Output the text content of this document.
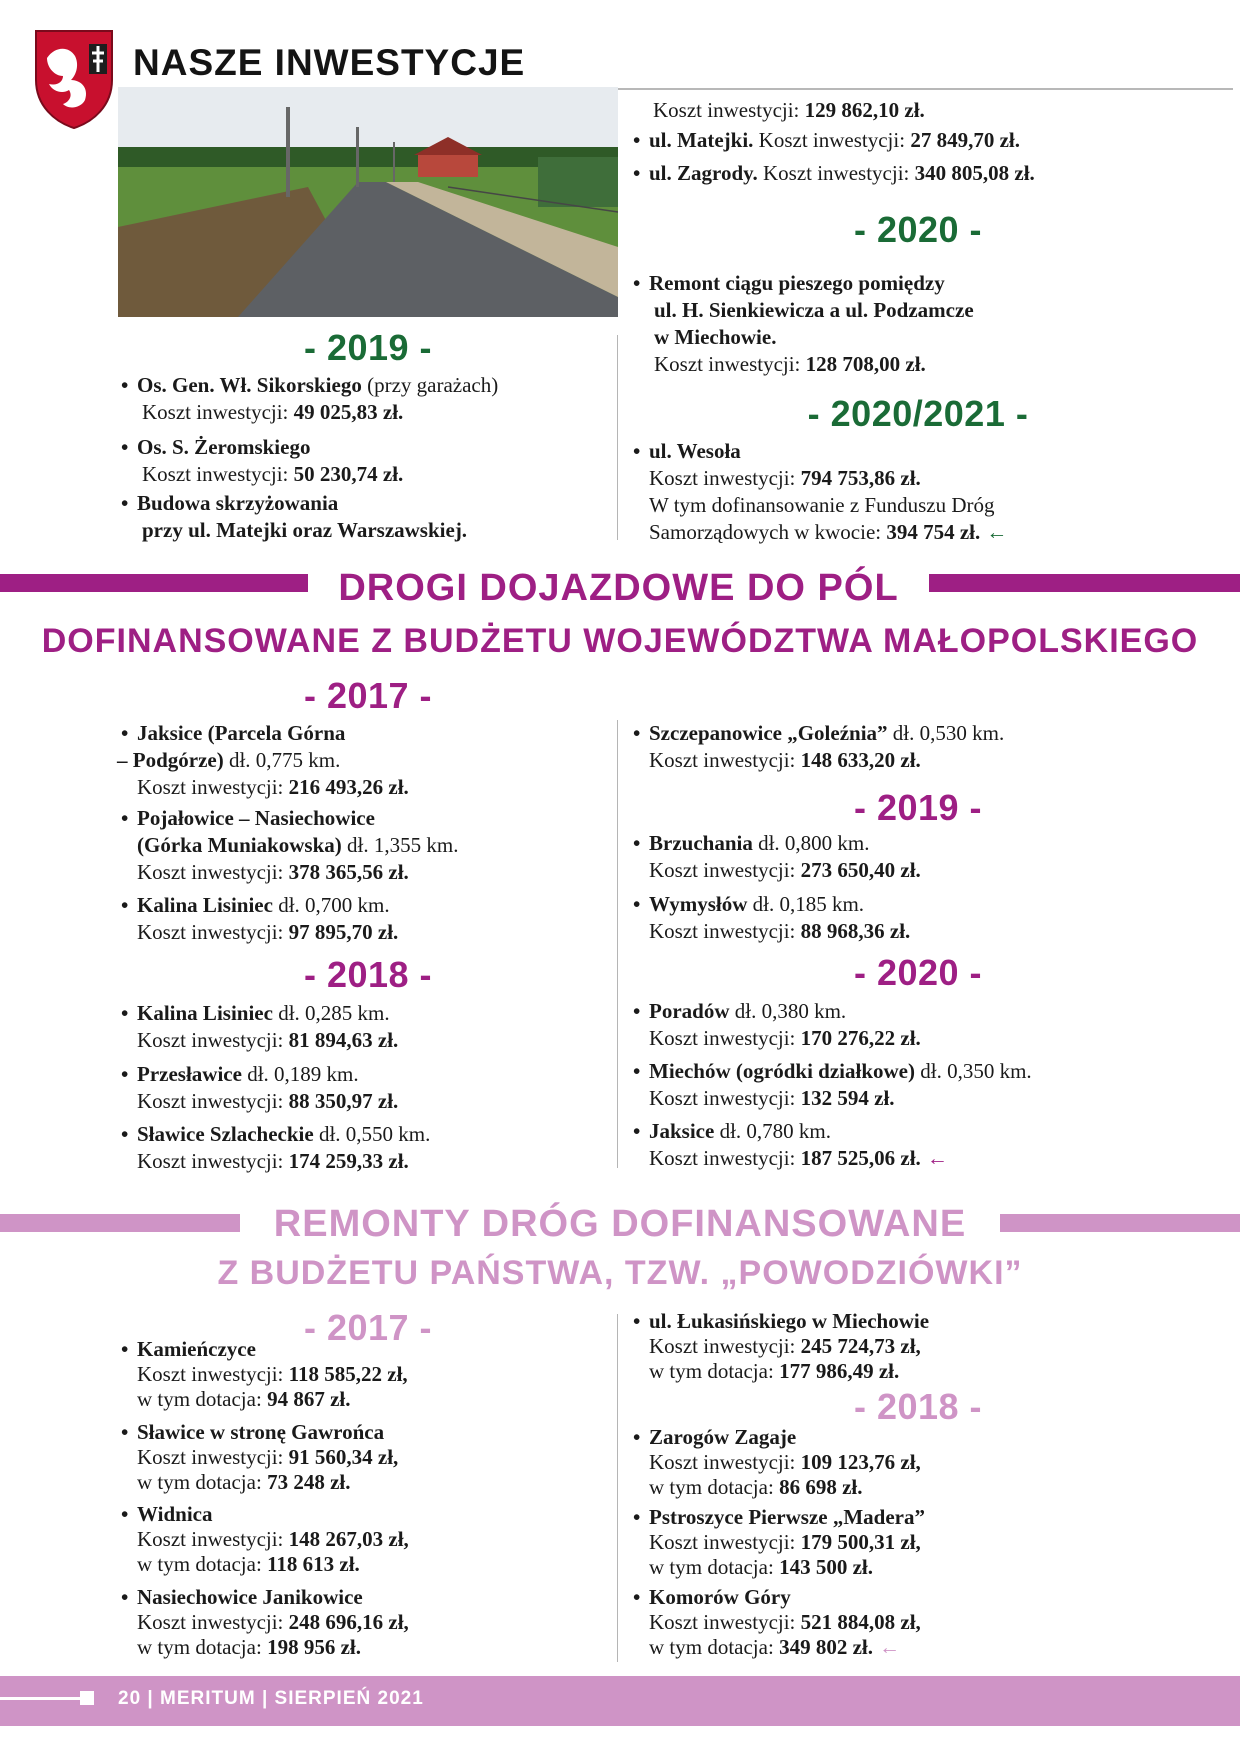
NASZE INWESTYCJE
Koszt inwestycji: 129 862,10 zł.
• ul. Matejki. Koszt inwestycji: 27 849,70 zł.
• ul. Zagrody. Koszt inwestycji: 340 805,08 zł.
- 2020 -
• Remont ciągu pieszego pomiędzy
ul. H. Sienkiewicza a ul. Podzamcze
w Miechowie.
Koszt inwestycji: 128 708,00 zł.
- 2020/2021 -
• ul. Wesoła
Koszt inwestycji: 794 753,86 zł.
W tym dofinansowanie z Funduszu Dróg
Samorządowych w kwocie: 394 754 zł. ←
- 2019 -
• Os. Gen. Wł. Sikorskiego (przy garażach)
Koszt inwestycji: 49 025,83 zł.
• Os. S. Żeromskiego
Koszt inwestycji: 50 230,74 zł.
• Budowa skrzyżowania
przy ul. Matejki oraz Warszawskiej.
DROGI DOJAZDOWE DO PÓL
DOFINANSOWANE Z BUDŻETU WOJEWÓDZTWA MAŁOPOLSKIEGO
- 2017 -
• Jaksice (Parcela Górna
– Podgórze) dł. 0,775 km.
Koszt inwestycji: 216 493,26 zł.
• Pojałowice – Nasiechowice
(Górka Muniakowska) dł. 1,355 km.
Koszt inwestycji: 378 365,56 zł.
• Kalina Lisiniec dł. 0,700 km.
Koszt inwestycji: 97 895,70 zł.
- 2018 -
• Kalina Lisiniec dł. 0,285 km.
Koszt inwestycji: 81 894,63 zł.
• Przesławice dł. 0,189 km.
Koszt inwestycji: 88 350,97 zł.
• Sławice Szlacheckie dł. 0,550 km.
Koszt inwestycji: 174 259,33 zł.
• Szczepanowice „Goleźnia” dł. 0,530 km.
Koszt inwestycji: 148 633,20 zł.
- 2019 -
• Brzuchania dł. 0,800 km.
Koszt inwestycji: 273 650,40 zł.
• Wymysłów dł. 0,185 km.
Koszt inwestycji: 88 968,36 zł.
- 2020 -
• Poradów dł. 0,380 km.
Koszt inwestycji: 170 276,22 zł.
• Miechów (ogródki działkowe) dł. 0,350 km.
Koszt inwestycji: 132 594 zł.
• Jaksice dł. 0,780 km.
Koszt inwestycji: 187 525,06 zł. ←
REMONTY DRÓG DOFINANSOWANE
Z BUDŻETU PAŃSTWA, TZW. „POWODZIÓWKI”
- 2017 -
• Kamieńczyce
Koszt inwestycji: 118 585,22 zł,
w tym dotacja: 94 867 zł.
• Sławice w stronę Gawrońca
Koszt inwestycji: 91 560,34 zł,
w tym dotacja: 73 248 zł.
• Widnica
Koszt inwestycji: 148 267,03 zł,
w tym dotacja: 118 613 zł.
• Nasiechowice Janikowice
Koszt inwestycji: 248 696,16 zł,
w tym dotacja: 198 956 zł.
• ul. Łukasińskiego w Miechowie
Koszt inwestycji: 245 724,73 zł,
w tym dotacja: 177 986,49 zł.
- 2018 -
• Zarogów Zagaje
Koszt inwestycji: 109 123,76 zł,
w tym dotacja: 86 698 zł.
• Pstroszyce Pierwsze „Madera”
Koszt inwestycji: 179 500,31 zł,
w tym dotacja: 143 500 zł.
• Komorów Góry
Koszt inwestycji: 521 884,08 zł,
w tym dotacja: 349 802 zł. ←
20 | MERITUM | SIERPIEŃ 2021
